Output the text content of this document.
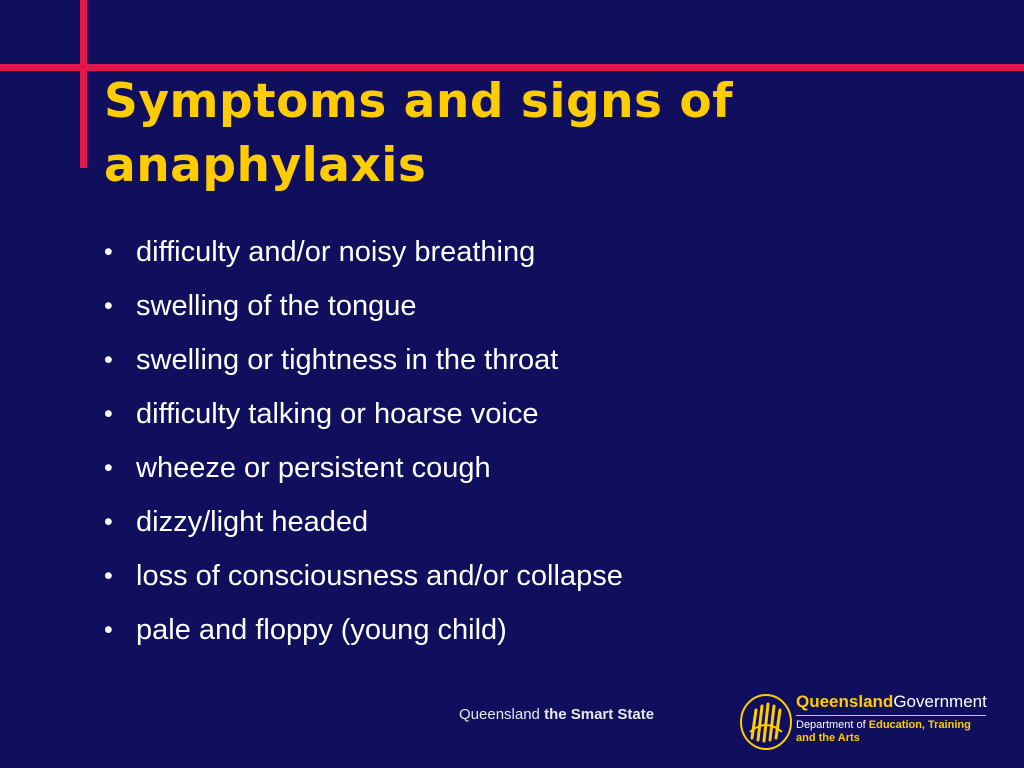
Symptoms and signs of anaphylaxis
• difficulty and/or noisy breathing
• swelling of the tongue
• swelling or tightness in the throat
• difficulty talking or hoarse voice
• wheeze or persistent cough
• dizzy/light headed
• loss of consciousness and/or collapse
• pale and floppy (young child)
Queensland the Smart State
QueenslandGovernment
Department of Education, Training
and the Arts
